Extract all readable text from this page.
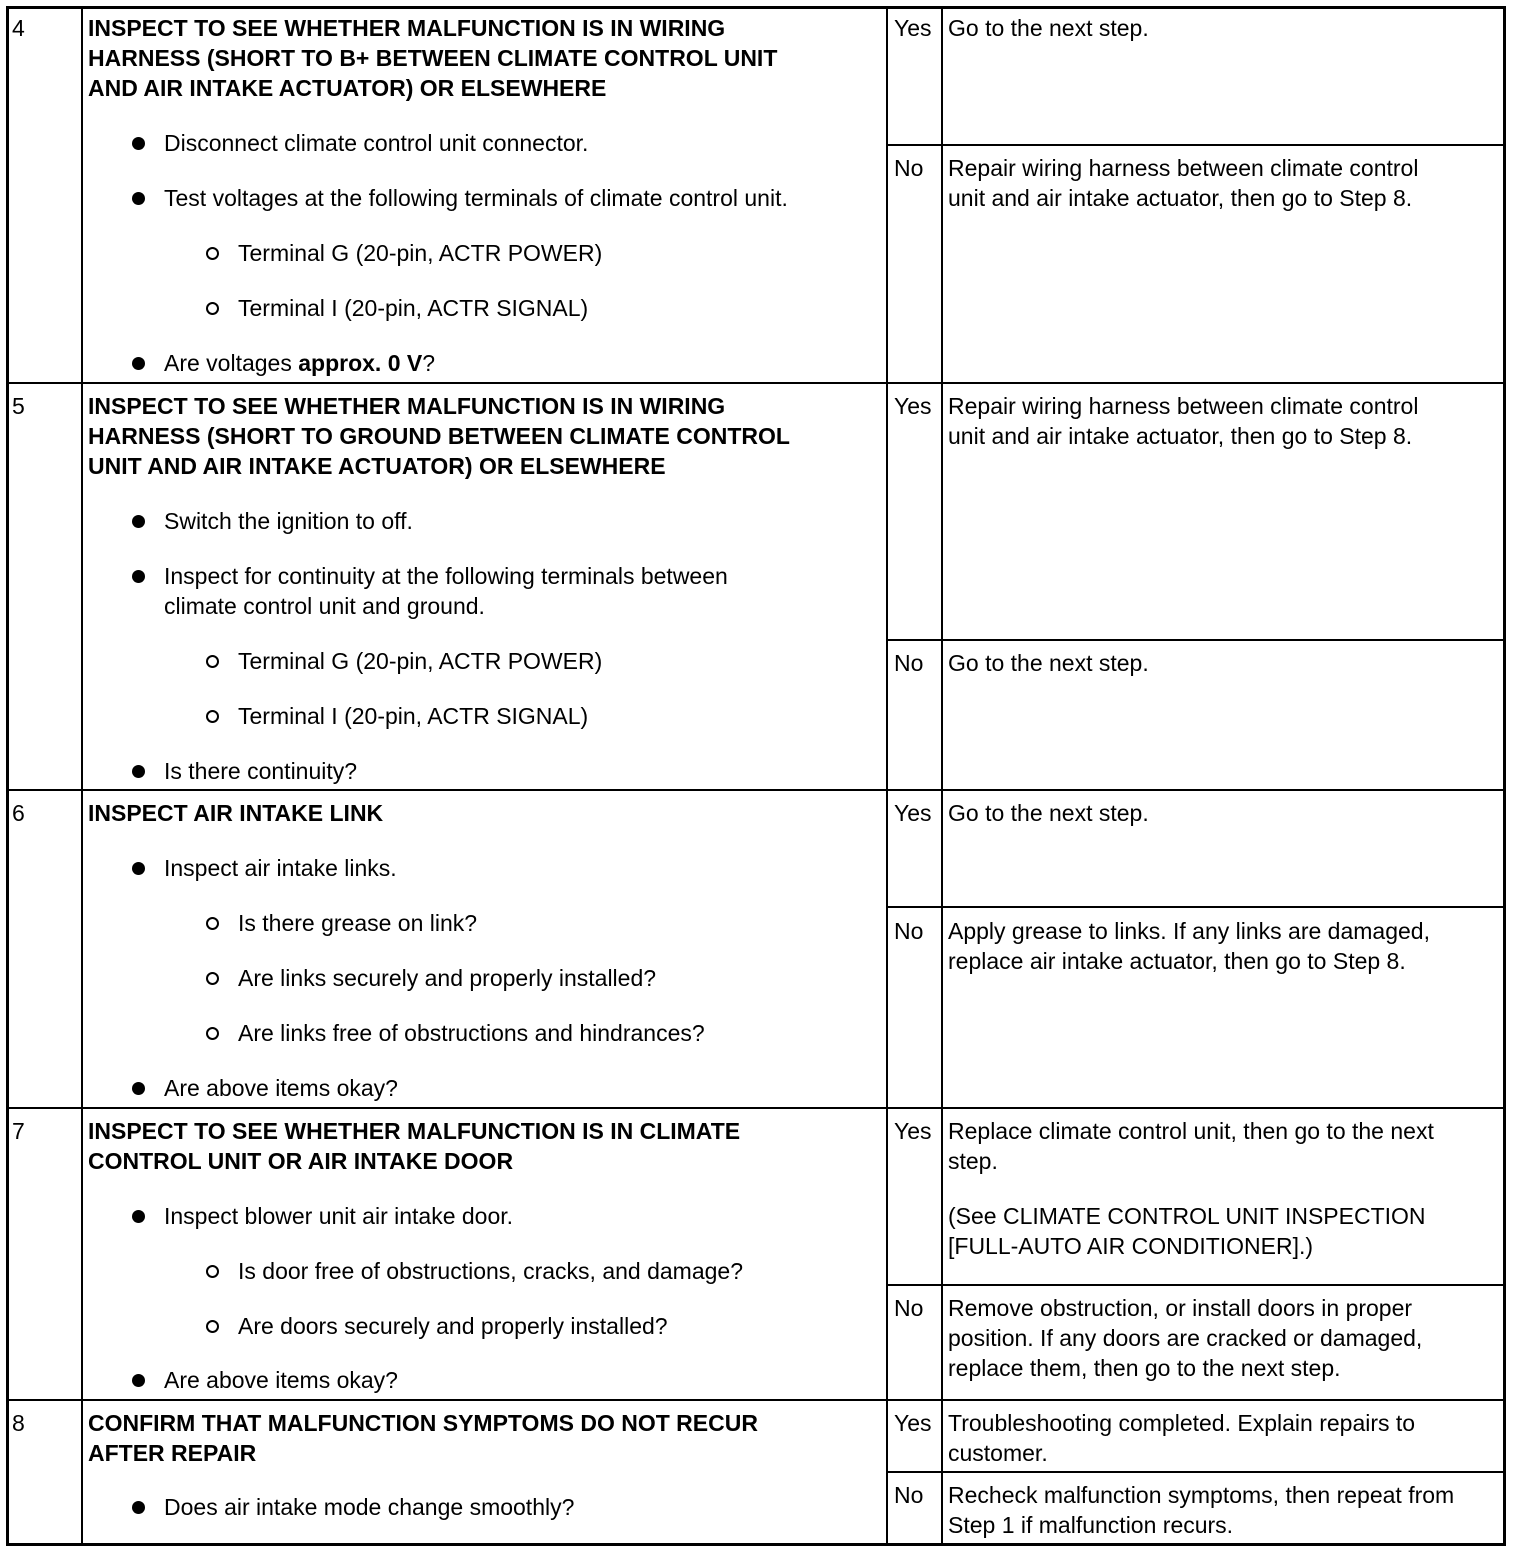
4	INSPECT TO SEE WHETHER MALFUNCTION IS IN WIRING
HARNESS (SHORT TO B+ BETWEEN CLIMATE CONTROL UNIT
AND AIR INTAKE ACTUATOR) OR ELSEWHERE
Disconnect climate control unit connector.
Test voltages at the following terminals of climate control unit.
Terminal G (20-pin, ACTR POWER)
Terminal I (20-pin, ACTR SIGNAL)
Are voltages approx. 0 V?
Yes Go to the next step.
No Repair wiring harness between climate control
unit and air intake actuator, then go to Step 8.
5	INSPECT TO SEE WHETHER MALFUNCTION IS IN WIRING
HARNESS (SHORT TO GROUND BETWEEN CLIMATE CONTROL
UNIT AND AIR INTAKE ACTUATOR) OR ELSEWHERE
Switch the ignition to off.
Inspect for continuity at the following terminals between
climate control unit and ground.
Terminal G (20-pin, ACTR POWER)
Terminal I (20-pin, ACTR SIGNAL)
Is there continuity?
Yes Repair wiring harness between climate control
unit and air intake actuator, then go to Step 8.
No Go to the next step.
6	INSPECT AIR INTAKE LINK
Inspect air intake links.
Is there grease on link?
Are links securely and properly installed?
Are links free of obstructions and hindrances?
Are above items okay?
Yes Go to the next step.
No Apply grease to links. If any links are damaged,
replace air intake actuator, then go to Step 8.
7	INSPECT TO SEE WHETHER MALFUNCTION IS IN CLIMATE
CONTROL UNIT OR AIR INTAKE DOOR
Inspect blower unit air intake door.
Is door free of obstructions, cracks, and damage?
Are doors securely and properly installed?
Are above items okay?
Yes Replace climate control unit, then go to the next
step.
(See CLIMATE CONTROL UNIT INSPECTION
[FULL-AUTO AIR CONDITIONER].)
No Remove obstruction, or install doors in proper
position. If any doors are cracked or damaged,
replace them, then go to the next step.
8	CONFIRM THAT MALFUNCTION SYMPTOMS DO NOT RECUR
AFTER REPAIR
Does air intake mode change smoothly?
Yes Troubleshooting completed. Explain repairs to
customer.
No Recheck malfunction symptoms, then repeat from
Step 1 if malfunction recurs.
